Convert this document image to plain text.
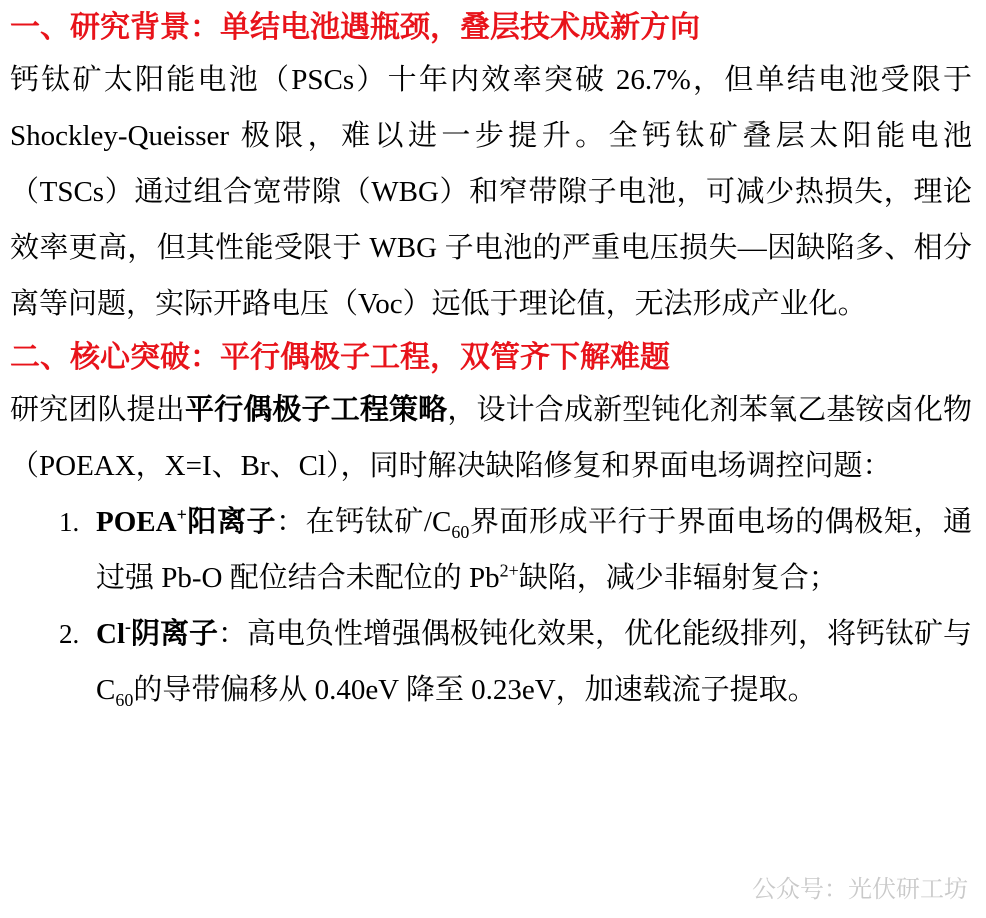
一、研究背景：单结电池遇瓶颈，叠层技术成新方向

钙钛矿太阳能电池（PSCs）十年内效率突破 26.7%，但单结电池受限于 Shockley-Queisser 极限，难以进一步提升。全钙钛矿叠层太阳能电池（TSCs）通过组合宽带隙（WBG）和窄带隙子电池，可减少热损失，理论效率更高，但其性能受限于 WBG 子电池的严重电压损失—因缺陷多、相分离等问题，实际开路电压（Voc）远低于理论值，无法形成产业化。

二、核心突破：平行偶极子工程，双管齐下解难题

研究团队提出平行偶极子工程策略，设计合成新型钝化剂苯氧乙基铵卤化物（POEAX，X=I、Br、Cl），同时解决缺陷修复和界面电场调控问题：

1. POEA+阳离子：在钙钛矿$/C_{60}$界面形成平行于界面电场的偶极矩，通过强 Pb-O 配位结合未配位的 $Pb^{2+}$缺陷，减少非辐射复合；
2. Cl-阴离子：高电负性增强偶极钝化效果，优化能级排列，将钙钛矿与 $C_{60}$的导带偏移从 0.40eV 降至 0.23eV，加速载流子提取。
公众号：光伏研工坊
